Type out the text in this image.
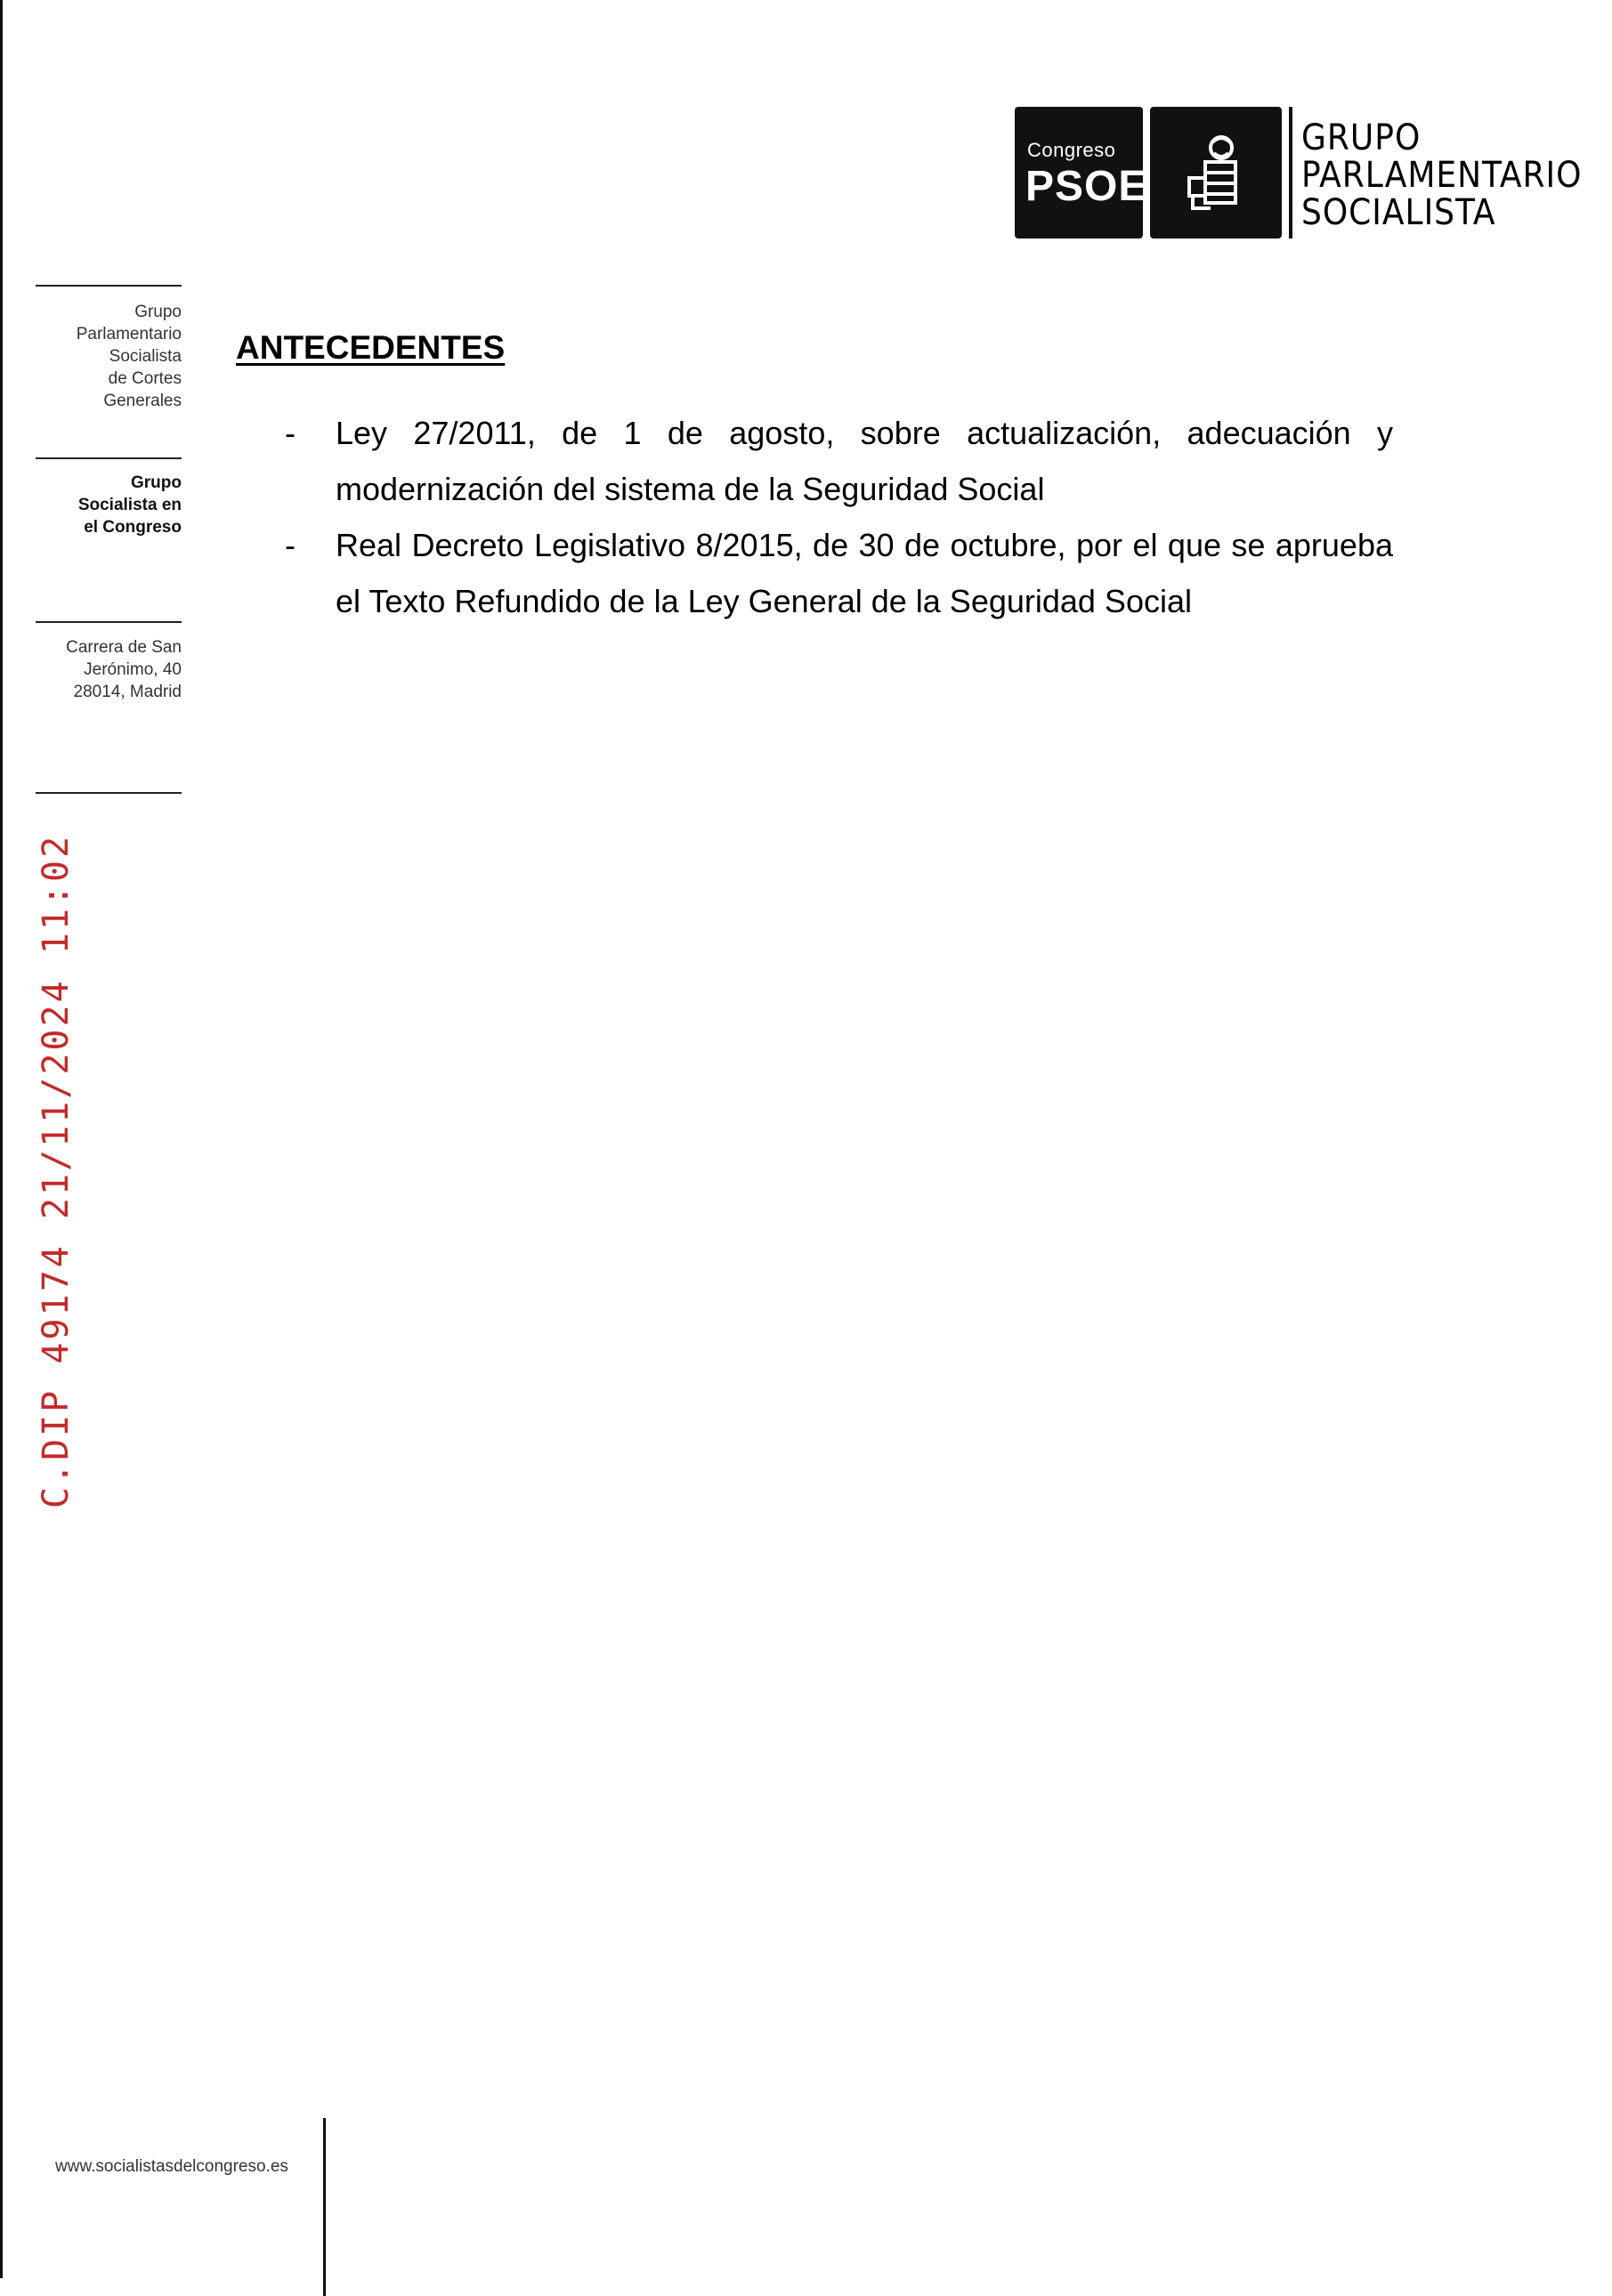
Congreso
PSOE
GRUPO
PARLAMENTARIO
SOCIALISTA
Grupo
Parlamentario
Socialista
de Cortes
Generales
Grupo
Socialista en
el Congreso
Carrera de San
Jerónimo, 40
28014, Madrid
C.DIP 49174 21/11/2024 11:02
ANTECEDENTES
- Ley 27/2011, de 1 de agosto, sobre actualización, adecuación y modernización del sistema de la Seguridad Social
- Real Decreto Legislativo 8/2015, de 30 de octubre, por el que se aprueba el Texto Refundido de la Ley General de la Seguridad Social
www.socialistasdelcongreso.es
